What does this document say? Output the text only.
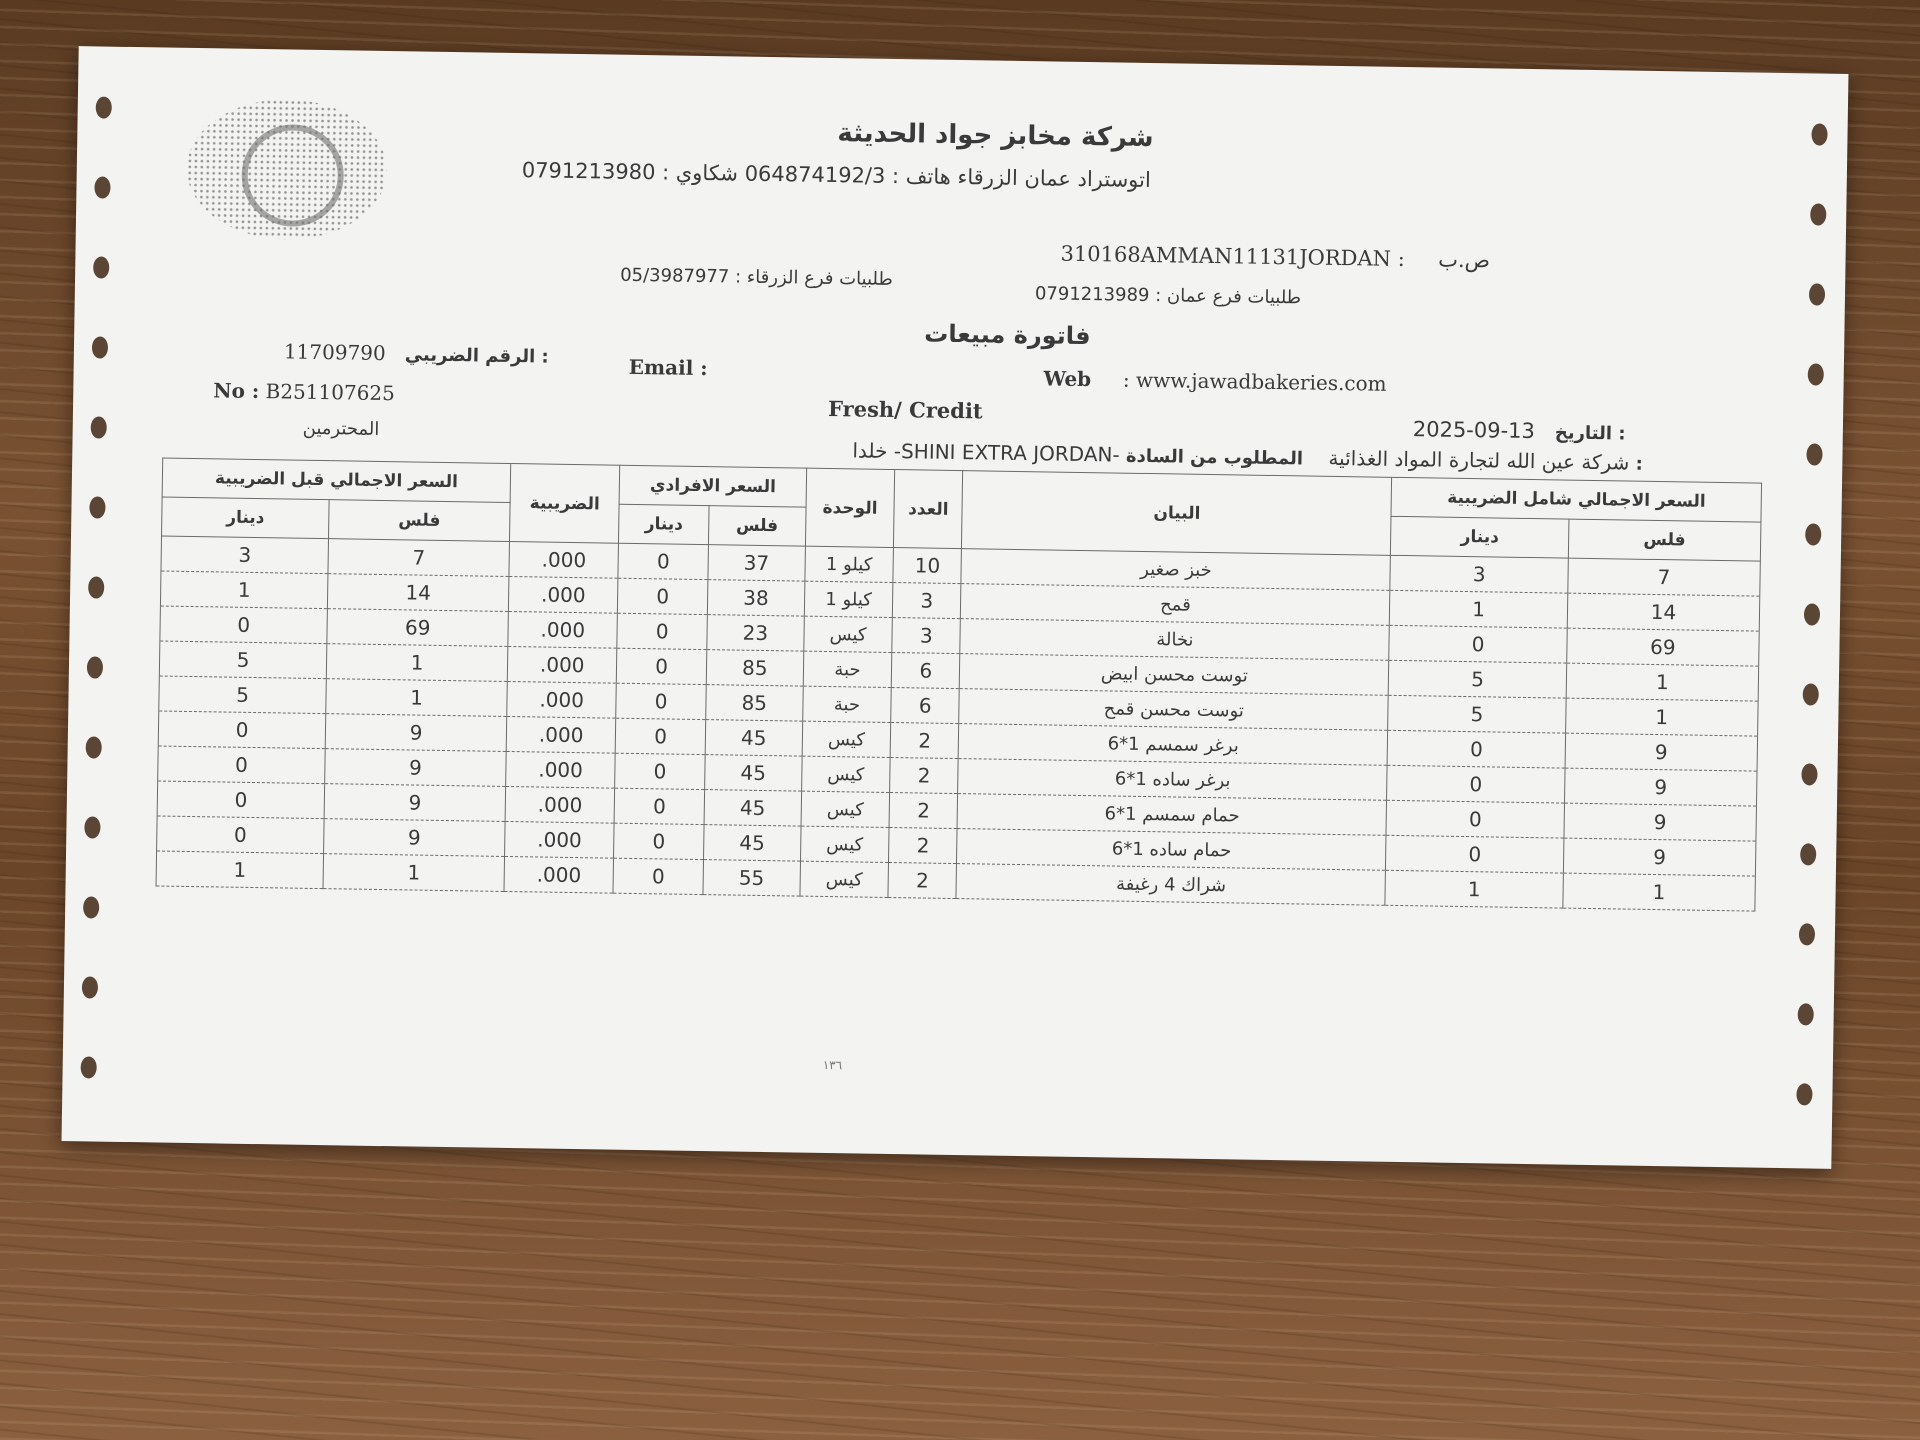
شركة مخابز جواد الحديثة
اتوستراد عمان الزرقاء هاتف : 064874192/3 شكاوي : 0791213980
310168AMMAN11131JORDAN : ص.ب
طلبيات فرع الزرقاء : 05/3987977
طلبيات فرع عمان : 0791213989
فاتورة مبيعات
11709790 الرقم الضريبي :	Email :	Web : www.jawadbakeries.com
No : B251107625
Fresh/ Credit
المحترمين	2025-09-13 التاريخ :
خلدا -SHINI EXTRA JORDAN- شركة عين الله لتجارة المواد الغذائية    المطلوب من السادة :
السعر الاجمالي قبل الضريبية		الضريبية	السعر الافرادي		الوحدة	العدد	البيان	السعر الاجمالي شامل الضريبية	
دينار	فلس		دينار	فلس				دينار	فلس
3	7	.000	0	37	كيلو 1	10	خبز صغير	3	7
1	14	.000	0	38	كيلو 1	3	قمح	1	14
0	69	.000	0	23	كيس	3	نخالة	0	69
5	1	.000	0	85	حبة	6	توست محسن ابيض	5	1
5	1	.000	0	85	حبة	6	توست محسن قمح	5	1
0	9	.000	0	45	كيس	2	برغر سمسم 1*6	0	9
0	9	.000	0	45	كيس	2	برغر ساده 1*6	0	9
0	9	.000	0	45	كيس	2	حمام سمسم 1*6	0	9
0	9	.000	0	45	كيس	2	حمام ساده 1*6	0	9
1	1	.000	0	55	كيس	2	شراك 4 رغيفة	1	1
١٣٦
